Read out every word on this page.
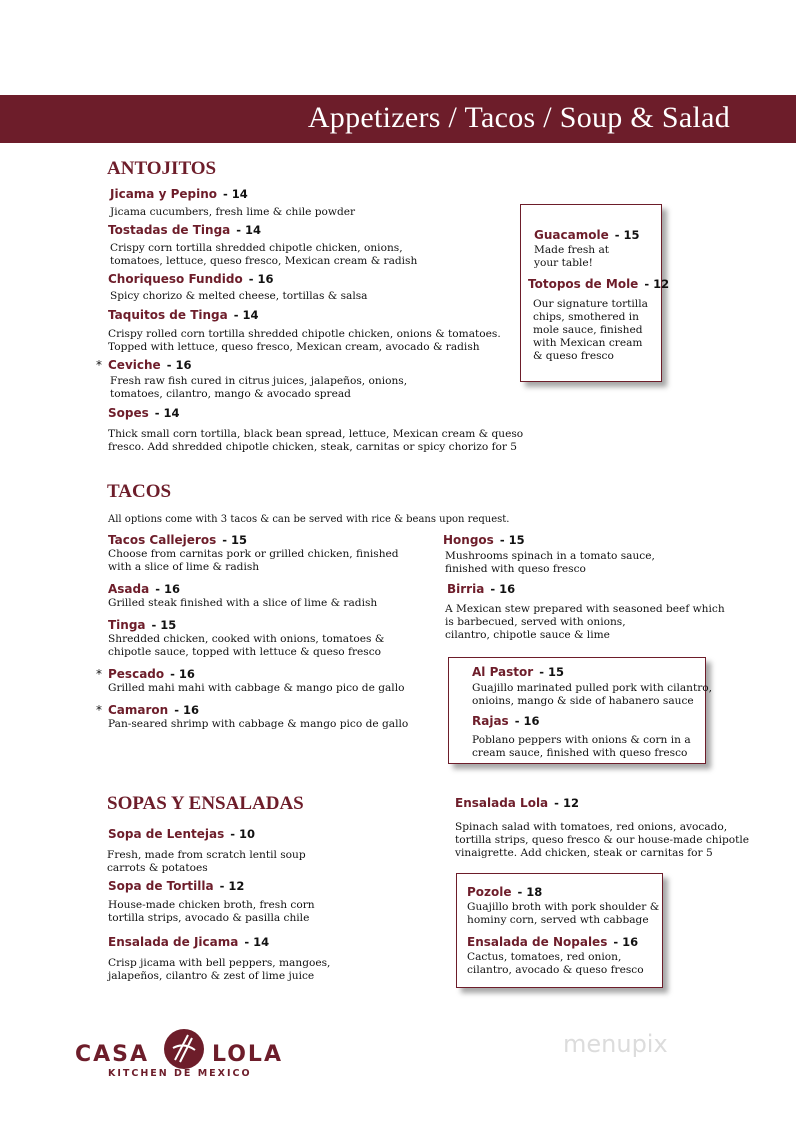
Appetizers / Tacos / Soup & Salad
ANTOJITOS
Jicama y Pepino - 14
Jicama cucumbers, fresh lime & chile powder
Tostadas de Tinga - 14
Crispy corn tortilla shredded chipotle chicken, onions,
tomatoes, lettuce, queso fresco, Mexican cream & radish
Choriqueso Fundido - 16
Spicy chorizo & melted cheese, tortillas & salsa
Taquitos de Tinga - 14
Crispy rolled corn tortilla shredded chipotle chicken, onions & tomatoes.
Topped with lettuce, queso fresco, Mexican cream, avocado & radish
* Ceviche - 16
Fresh raw fish cured in citrus juices, jalapeños, onions,
tomatoes, cilantro, mango & avocado spread
Sopes - 14
Thick small corn tortilla, black bean spread, lettuce, Mexican cream & queso
fresco. Add shredded chipotle chicken, steak, carnitas or spicy chorizo for 5
Guacamole - 15
Made fresh at
your table!
Totopos de Mole - 12
Our signature tortilla
chips, smothered in
mole sauce, finished
with Mexican cream
& queso fresco
TACOS
All options come with 3 tacos & can be served with rice & beans upon request.
Tacos Callejeros - 15
Choose from carnitas pork or grilled chicken, finished
with a slice of lime & radish
Asada - 16
Grilled steak finished with a slice of lime & radish
Tinga - 15
Shredded chicken, cooked with onions, tomatoes &
chipotle sauce, topped with lettuce & queso fresco
* Pescado - 16
Grilled mahi mahi with cabbage & mango pico de gallo
* Camaron - 16
Pan-seared shrimp with cabbage & mango pico de gallo
Hongos - 15
Mushrooms spinach in a tomato sauce,
finished with queso fresco
Birria - 16
A Mexican stew prepared with seasoned beef which
is barbecued, served with onions,
cilantro, chipotle sauce & lime
Al Pastor - 15
Guajillo marinated pulled pork with cilantro,
onioins, mango & side of habanero sauce
Rajas - 16
Poblano peppers with onions & corn in a
cream sauce, finished with queso fresco
SOPAS Y ENSALADAS
Sopa de Lentejas - 10
Fresh, made from scratch lentil soup
carrots & potatoes
Sopa de Tortilla - 12
House-made chicken broth, fresh corn
tortilla strips, avocado & pasilla chile
Ensalada de Jicama - 14
Crisp jicama with bell peppers, mangoes,
jalapeños, cilantro & zest of lime juice
Ensalada Lola - 12
Spinach salad with tomatoes, red onions, avocado,
tortilla strips, queso fresco & our house-made chipotle
vinaigrette. Add chicken, steak or carnitas for 5
Pozole - 18
Guajillo broth with pork shoulder &
hominy corn, served wth cabbage
Ensalada de Nopales - 16
Cactus, tomatoes, red onion,
cilantro, avocado & queso fresco
CASA	LOLA
KITCHEN DE MEXICO
menupix
